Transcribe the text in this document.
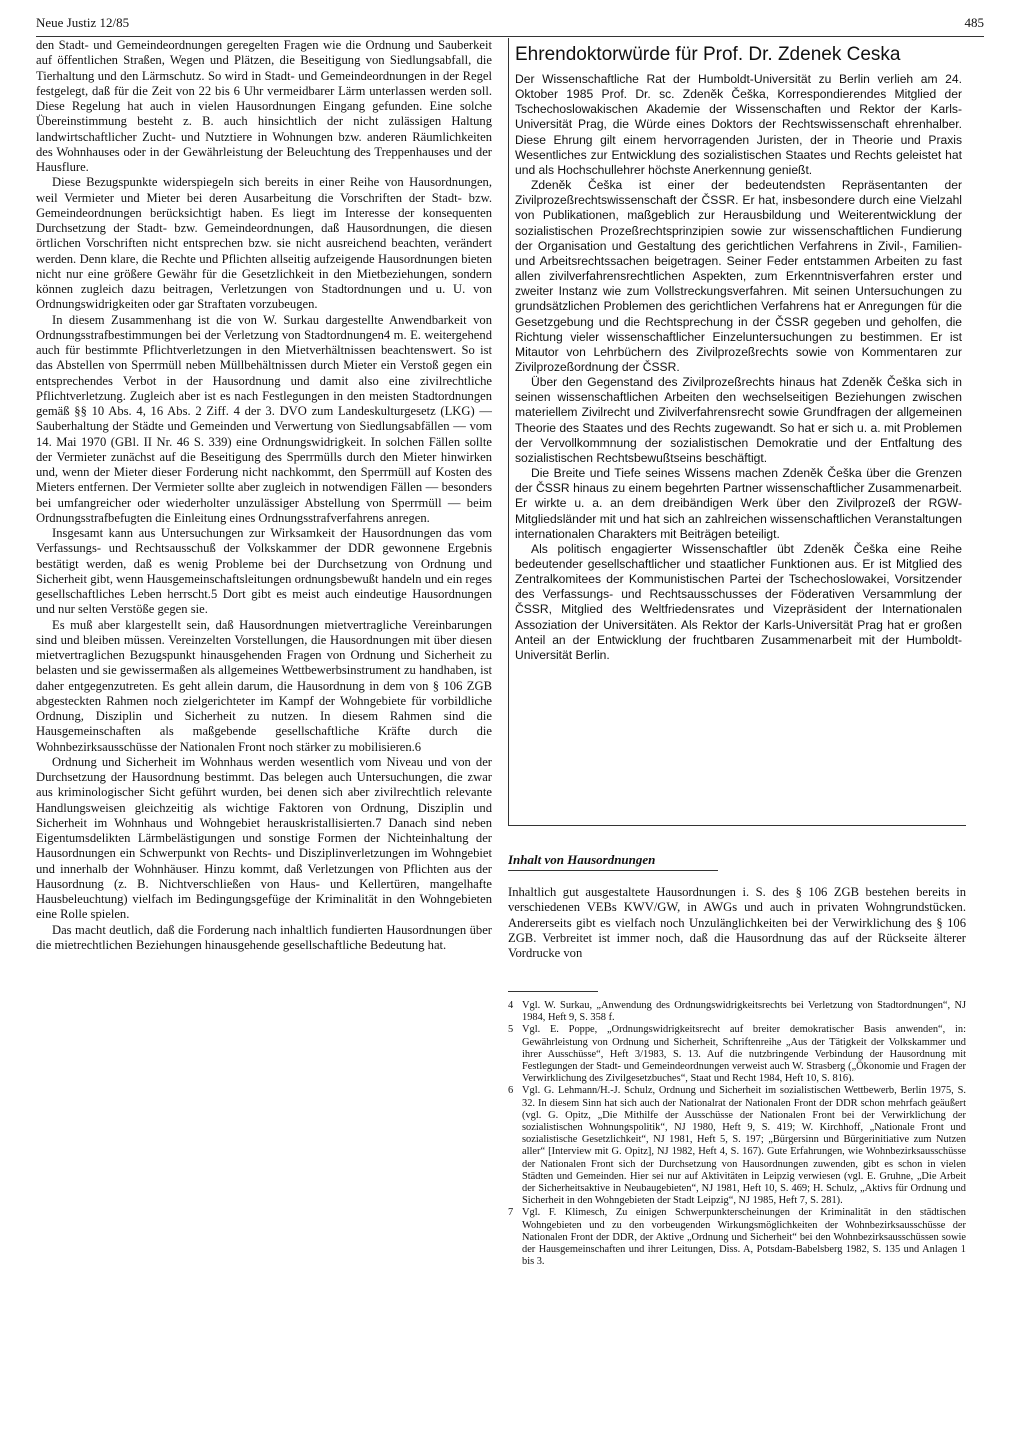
Neue Justiz 12/85	485

den Stadt- und Gemeindeordnungen geregelten Fragen wie die Ordnung und Sauberkeit auf öffentlichen Straßen, Wegen und Plätzen, die Beseitigung von Siedlungsabfall, die Tierhaltung und den Lärmschutz. So wird in Stadt- und Gemeindeordnungen in der Regel festgelegt, daß für die Zeit von 22 bis 6 Uhr vermeidbarer Lärm unterlassen werden soll. Diese Regelung hat auch in vielen Hausordnungen Eingang gefunden. Eine solche Übereinstimmung besteht z. B. auch hinsichtlich der nicht zulässigen Haltung landwirtschaftlicher Zucht- und Nutztiere in Wohnungen bzw. anderen Räumlichkeiten des Wohnhauses oder in der Gewährleistung der Beleuchtung des Treppenhauses und der Hausflure.

Diese Bezugspunkte widerspiegeln sich bereits in einer Reihe von Hausordnungen, weil Vermieter und Mieter bei deren Ausarbeitung die Vorschriften der Stadt- bzw. Gemeindeordnungen berücksichtigt haben. Es liegt im Interesse der konsequenten Durchsetzung der Stadt- bzw. Gemeindeordnungen, daß Hausordnungen, die diesen örtlichen Vorschriften nicht entsprechen bzw. sie nicht ausreichend beachten, verändert werden. Denn klare, die Rechte und Pflichten allseitig aufzeigende Hausordnungen bieten nicht nur eine größere Gewähr für die Gesetzlichkeit in den Mietbeziehungen, sondern können zugleich dazu beitragen, Verletzungen von Stadtordnungen und u. U. von Ordnungswidrigkeiten oder gar Straftaten vorzubeugen.

In diesem Zusammenhang ist die von W. Surkau dargestellte Anwendbarkeit von Ordnungsstrafbestimmungen bei der Verletzung von Stadtordnungen4 m. E. weitergehend auch für bestimmte Pflichtverletzungen in den Mietverhältnissen beachtenswert. So ist das Abstellen von Sperrmüll neben Müllbehältnissen durch Mieter ein Verstoß gegen ein entsprechendes Verbot in der Hausordnung und damit also eine zivilrechtliche Pflichtverletzung. Zugleich aber ist es nach Festlegungen in den meisten Stadtordnungen gemäß §§ 10 Abs. 4, 16 Abs. 2 Ziff. 4 der 3. DVO zum Landeskulturgesetz (LKG) — Sauberhaltung der Städte und Gemeinden und Verwertung von Siedlungsabfällen — vom 14. Mai 1970 (GBl. II Nr. 46 S. 339) eine Ordnungswidrigkeit. In solchen Fällen sollte der Vermieter zunächst auf die Beseitigung des Sperrmülls durch den Mieter hinwirken und, wenn der Mieter dieser Forderung nicht nachkommt, den Sperrmüll auf Kosten des Mieters entfernen. Der Vermieter sollte aber zugleich in notwendigen Fällen — besonders bei umfangreicher oder wiederholter unzulässiger Abstellung von Sperrmüll — beim Ordnungsstrafbefugten die Einleitung eines Ordnungsstrafverfahrens anregen.

Insgesamt kann aus Untersuchungen zur Wirksamkeit der Hausordnungen das vom Verfassungs- und Rechtsausschuß der Volkskammer der DDR gewonnene Ergebnis bestätigt werden, daß es wenig Probleme bei der Durchsetzung von Ordnung und Sicherheit gibt, wenn Hausgemeinschaftsleitungen ordnungsbewußt handeln und ein reges gesellschaftliches Leben herrscht.5 Dort gibt es meist auch eindeutige Hausordnungen und nur selten Verstöße gegen sie.

Es muß aber klargestellt sein, daß Hausordnungen mietvertragliche Vereinbarungen sind und bleiben müssen. Vereinzelten Vorstellungen, die Hausordnungen mit über diesen mietvertraglichen Bezugspunkt hinausgehenden Fragen von Ordnung und Sicherheit zu belasten und sie gewissermaßen als allgemeines Wettbewerbsinstrument zu handhaben, ist daher entgegenzutreten. Es geht allein darum, die Hausordnung in dem von § 106 ZGB abgesteckten Rahmen noch zielgerichteter im Kampf der Wohngebiete für vorbildliche Ordnung, Disziplin und Sicherheit zu nutzen. In diesem Rahmen sind die Hausgemeinschaften als maßgebende gesellschaftliche Kräfte durch die Wohnbezirksausschüsse der Nationalen Front noch stärker zu mobilisieren.6

Ordnung und Sicherheit im Wohnhaus werden wesentlich vom Niveau und von der Durchsetzung der Hausordnung bestimmt. Das belegen auch Untersuchungen, die zwar aus kriminologischer Sicht geführt wurden, bei denen sich aber zivilrechtlich relevante Handlungsweisen gleichzeitig als wichtige Faktoren von Ordnung, Disziplin und Sicherheit im Wohnhaus und Wohngebiet herauskristallisierten.7 Danach sind neben Eigentumsdelikten Lärmbelästigungen und sonstige Formen der Nichteinhaltung der Hausordnungen ein Schwerpunkt von Rechts- und Disziplinverletzungen im Wohngebiet und innerhalb der Wohnhäuser. Hinzu kommt, daß Verletzungen von Pflichten aus der Hausordnung (z. B. Nichtverschließen von Haus- und Kellertüren, mangelhafte Hausbeleuchtung) vielfach im Bedingungsgefüge der Kriminalität in den Wohngebieten eine Rolle spielen.

Das macht deutlich, daß die Forderung nach inhaltlich fundierten Hausordnungen über die mietrechtlichen Beziehungen hinausgehende gesellschaftliche Bedeutung hat.

Ehrendoktorwürde für Prof. Dr. Zdenek Ceska

Der Wissenschaftliche Rat der Humboldt-Universität zu Berlin verlieh am 24. Oktober 1985 Prof. Dr. sc. Zdeněk Češka, Korrespondierendes Mitglied der Tschechoslowakischen Akademie der Wissenschaften und Rektor der Karls-Universität Prag, die Würde eines Doktors der Rechtswissenschaft ehrenhalber. Diese Ehrung gilt einem hervorragenden Juristen, der in Theorie und Praxis Wesentliches zur Entwicklung des sozialistischen Staates und Rechts geleistet hat und als Hochschullehrer höchste Anerkennung genießt.

Zdeněk Češka ist einer der bedeutendsten Repräsentanten der Zivilprozeßrechtswissenschaft der ČSSR. Er hat, insbesondere durch eine Vielzahl von Publikationen, maßgeblich zur Herausbildung und Weiterentwicklung der sozialistischen Prozeßrechtsprinzipien sowie zur wissenschaftlichen Fundierung der Organisation und Gestaltung des gerichtlichen Verfahrens in Zivil-, Familien- und Arbeitsrechtssachen beigetragen. Seiner Feder entstammen Arbeiten zu fast allen zivilverfahrensrechtlichen Aspekten, zum Erkenntnisverfahren erster und zweiter Instanz wie zum Vollstreckungsverfahren. Mit seinen Untersuchungen zu grundsätzlichen Problemen des gerichtlichen Verfahrens hat er Anregungen für die Gesetzgebung und die Rechtsprechung in der ČSSR gegeben und geholfen, die Richtung vieler wissenschaftlicher Einzeluntersuchungen zu bestimmen. Er ist Mitautor von Lehrbüchern des Zivilprozeßrechts sowie von Kommentaren zur Zivilprozeßordnung der ČSSR.

Über den Gegenstand des Zivilprozeßrechts hinaus hat Zdeněk Češka sich in seinen wissenschaftlichen Arbeiten den wechselseitigen Beziehungen zwischen materiellem Zivilrecht und Zivilverfahrensrecht sowie Grundfragen der allgemeinen Theorie des Staates und des Rechts zugewandt. So hat er sich u. a. mit Problemen der Vervollkommnung der sozialistischen Demokratie und der Entfaltung des sozialistischen Rechtsbewußtseins beschäftigt.

Die Breite und Tiefe seines Wissens machen Zdeněk Češka über die Grenzen der ČSSR hinaus zu einem begehrten Partner wissenschaftlicher Zusammenarbeit. Er wirkte u. a. an dem dreibändigen Werk über den Zivilprozeß der RGW-Mitgliedsländer mit und hat sich an zahlreichen wissenschaftlichen Veranstaltungen internationalen Charakters mit Beiträgen beteiligt.

Als politisch engagierter Wissenschaftler übt Zdeněk Češka eine Reihe bedeutender gesellschaftlicher und staatlicher Funktionen aus. Er ist Mitglied des Zentralkomitees der Kommunistischen Partei der Tschechoslowakei, Vorsitzender des Verfassungs- und Rechtsausschusses der Föderativen Versammlung der ČSSR, Mitglied des Weltfriedensrates und Vizepräsident der Internationalen Assoziation der Universitäten. Als Rektor der Karls-Universität Prag hat er großen Anteil an der Entwicklung der fruchtbaren Zusammenarbeit mit der Humboldt-Universität Berlin.

Inhalt von Hausordnungen

Inhaltlich gut ausgestaltete Hausordnungen i. S. des § 106 ZGB bestehen bereits in verschiedenen VEBs KWV/GW, in AWGs und auch in privaten Wohngrundstücken. Andererseits gibt es vielfach noch Unzulänglichkeiten bei der Verwirklichung des § 106 ZGB. Verbreitet ist immer noch, daß die Hausordnung das auf der Rückseite älterer Vordrucke von

4 Vgl. W. Surkau, „Anwendung des Ordnungswidrigkeitsrechts bei Verletzung von Stadtordnungen“, NJ 1984, Heft 9, S. 358 f.
5 Vgl. E. Poppe, „Ordnungswidrigkeitsrecht auf breiter demokratischer Basis anwenden“, in: Gewährleistung von Ordnung und Sicherheit, Schriftenreihe „Aus der Tätigkeit der Volkskammer und ihrer Ausschüsse“, Heft 3/1983, S. 13. Auf die nutzbringende Verbindung der Hausordnung mit Festlegungen der Stadt- und Gemeindeordnungen verweist auch W. Strasberg („Ökonomie und Fragen der Verwirklichung des Zivilgesetzbuches“, Staat und Recht 1984, Heft 10, S. 816).
6 Vgl. G. Lehmann/H.-J. Schulz, Ordnung und Sicherheit im sozialistischen Wettbewerb, Berlin 1975, S. 32. In diesem Sinn hat sich auch der Nationalrat der Nationalen Front der DDR schon mehrfach geäußert (vgl. G. Opitz, „Die Mithilfe der Ausschüsse der Nationalen Front bei der Verwirklichung der sozialistischen Wohnungspolitik“, NJ 1980, Heft 9, S. 419; W. Kirchhoff, „Nationale Front und sozialistische Gesetzlichkeit“, NJ 1981, Heft 5, S. 197; „Bürgersinn und Bürgerinitiative zum Nutzen aller“ [Interview mit G. Opitz], NJ 1982, Heft 4, S. 167). Gute Erfahrungen, wie Wohnbezirksausschüsse der Nationalen Front sich der Durchsetzung von Hausordnungen zuwenden, gibt es schon in vielen Städten und Gemeinden. Hier sei nur auf Aktivitäten in Leipzig verwiesen (vgl. E. Gruhne, „Die Arbeit der Sicherheitsaktive in Neubaugebieten“, NJ 1981, Heft 10, S. 469; H. Schulz, „Aktivs für Ordnung und Sicherheit in den Wohngebieten der Stadt Leipzig“, NJ 1985, Heft 7, S. 281).
7 Vgl. F. Klimesch, Zu einigen Schwerpunkterscheinungen der Kriminalität in den städtischen Wohngebieten und zu den vorbeugenden Wirkungsmöglichkeiten der Wohnbezirksausschüsse der Nationalen Front der DDR, der Aktive „Ordnung und Sicherheit“ bei den Wohnbezirksausschüssen sowie der Hausgemeinschaften und ihrer Leitungen, Diss. A, Potsdam-Babelsberg 1982, S. 135 und Anlagen 1 bis 3.
